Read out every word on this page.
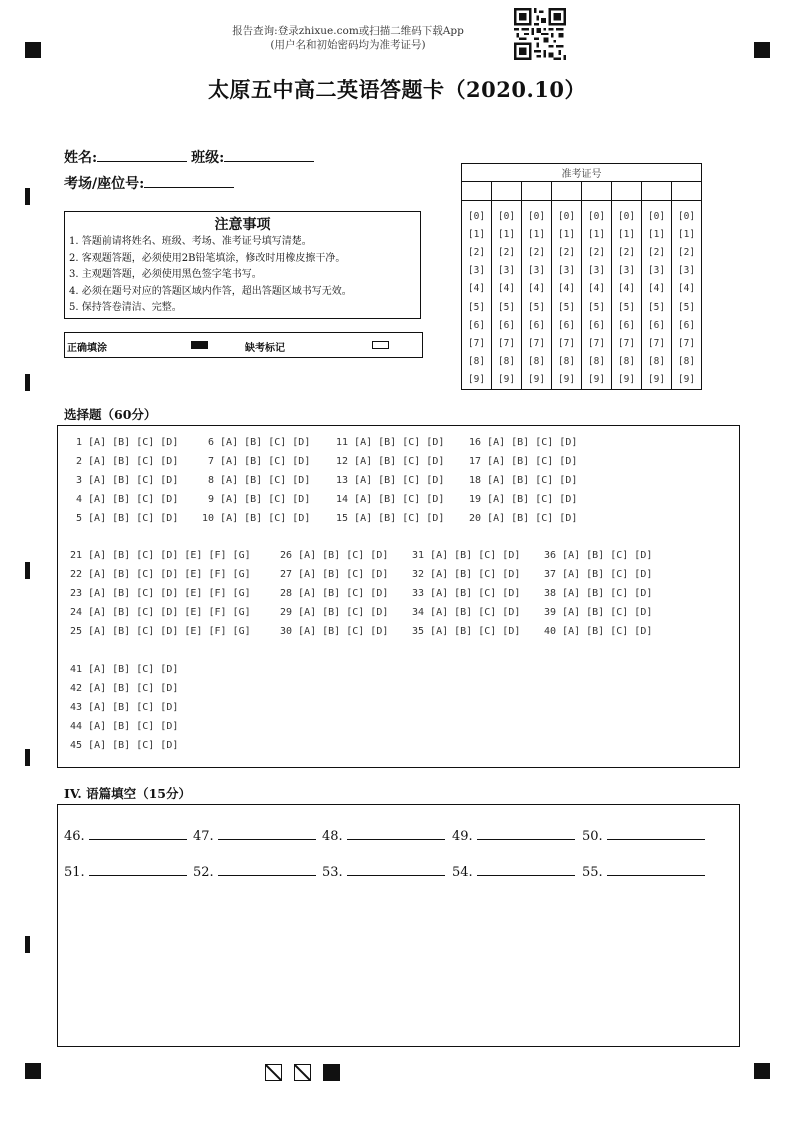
报告查询:登录zhixue.com或扫描二维码下载App
(用户名和初始密码均为准考证号)
太原五中高二英语答题卡（2020.10）
姓名:	班级:
考场/座位号:
注意事项
1. 答题前请将姓名、班级、考场、准考证号填写清楚。
2. 客观题答题，必须使用2B铅笔填涂，修改时用橡皮擦干净。
3. 主观题答题，必须使用黑色签字笔书写。
4. 必须在题号对应的答题区域内作答，超出答题区域书写无效。
5. 保持答卷清洁、完整。
正确填涂	缺考标记
准考证号							

[0]	[0]	[0]	[0]	[0]	[0]	[0]	[0]
[1]	[1]	[1]	[1]	[1]	[1]	[1]	[1]
[2]	[2]	[2]	[2]	[2]	[2]	[2]	[2]
[3]	[3]	[3]	[3]	[3]	[3]	[3]	[3]
[4]	[4]	[4]	[4]	[4]	[4]	[4]	[4]
[5]	[5]	[5]	[5]	[5]	[5]	[5]	[5]
[6]	[6]	[6]	[6]	[6]	[6]	[6]	[6]
[7]	[7]	[7]	[7]	[7]	[7]	[7]	[7]
[8]	[8]	[8]	[8]	[8]	[8]	[8]	[8]
[9]	[9]	[9]	[9]	[9]	[9]	[9]	[9]
选择题（60分）
1 [A] [B] [C] [D]	6 [A] [B] [C] [D]	11 [A] [B] [C] [D] 16 [A] [B] [C] [D]
2 [A] [B] [C] [D]	7 [A] [B] [C] [D]	12 [A] [B] [C] [D] 17 [A] [B] [C] [D]
3 [A] [B] [C] [D]	8 [A] [B] [C] [D]	13 [A] [B] [C] [D] 18 [A] [B] [C] [D]
4 [A] [B] [C] [D]	9 [A] [B] [C] [D]	14 [A] [B] [C] [D] 19 [A] [B] [C] [D]
5 [A] [B] [C] [D] 10 [A] [B] [C] [D]	15 [A] [B] [C] [D] 20 [A] [B] [C] [D]
21 [A] [B] [C] [D] [E] [F] [G]	26 [A] [B] [C] [D] 31 [A] [B] [C] [D] 36 [A] [B] [C] [D]
22 [A] [B] [C] [D] [E] [F] [G]	27 [A] [B] [C] [D] 32 [A] [B] [C] [D] 37 [A] [B] [C] [D]
23 [A] [B] [C] [D] [E] [F] [G]	28 [A] [B] [C] [D] 33 [A] [B] [C] [D] 38 [A] [B] [C] [D]
24 [A] [B] [C] [D] [E] [F] [G]	29 [A] [B] [C] [D] 34 [A] [B] [C] [D] 39 [A] [B] [C] [D]
25 [A] [B] [C] [D] [E] [F] [G]	30 [A] [B] [C] [D] 35 [A] [B] [C] [D] 40 [A] [B] [C] [D]
41 [A] [B] [C] [D]
42 [A] [B] [C] [D]
43 [A] [B] [C] [D]
44 [A] [B] [C] [D]
45 [A] [B] [C] [D]
IV. 语篇填空（15分）
46.	47.	48.	49.	50.
51.	52.	53.	54.	55.
